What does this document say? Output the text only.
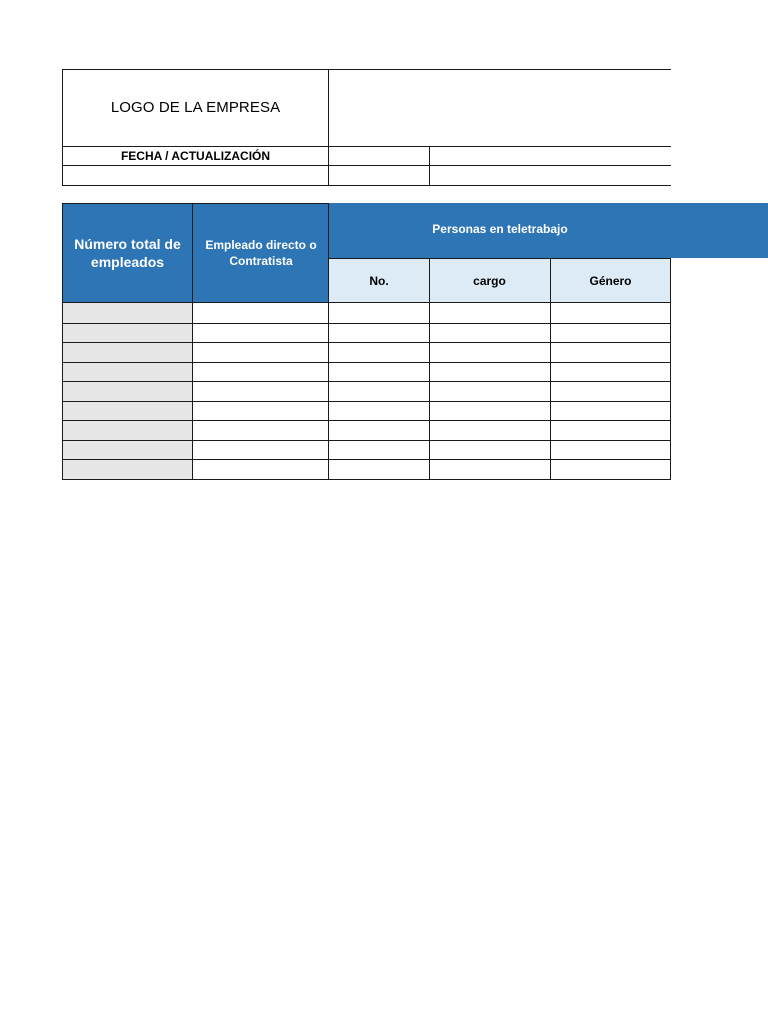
LOGO DE LA EMPRESA
FECHA / ACTUALIZACIÓN
Número total de empleados
Empleado directo o Contratista
Personas en teletrabajo
No.	cargo	Género
